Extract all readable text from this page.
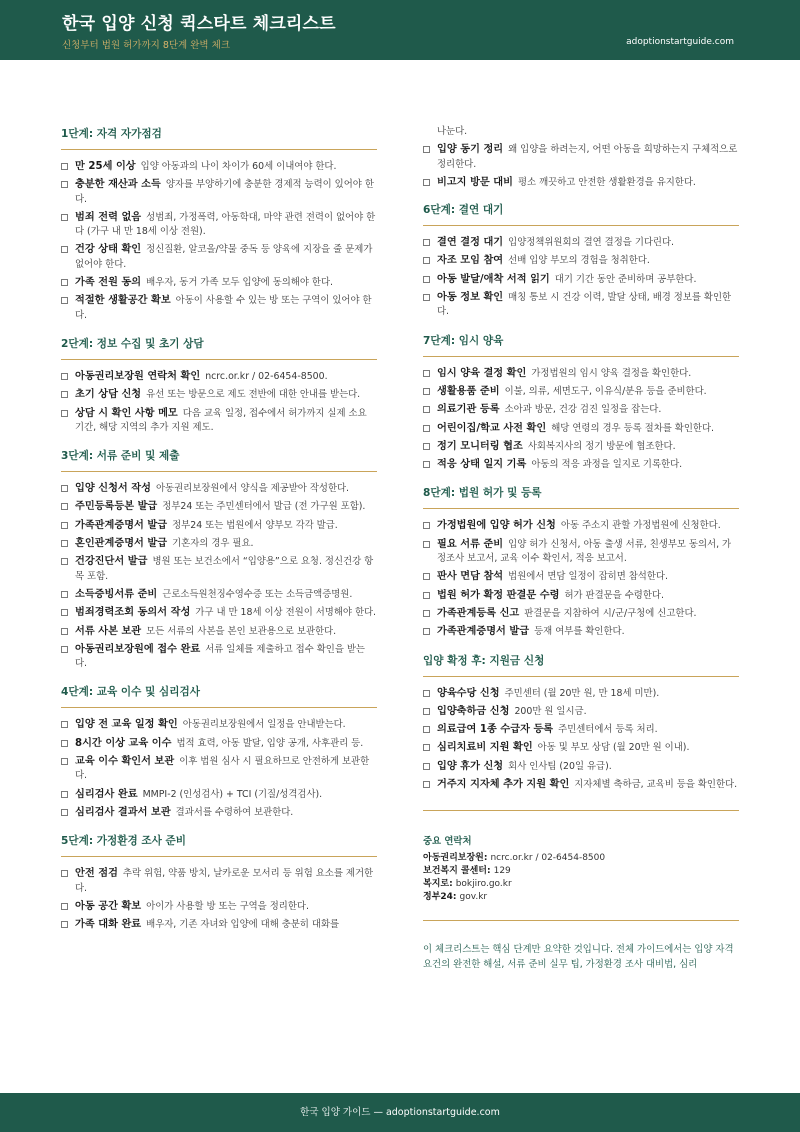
한국 입양 신청 퀵스타트 체크리스트
신청부터 법원 허가까지 8단계 완벽 체크	adoptionstartguide.com
1단계: 자격 자가점검
만 25세 이상 입양 아동과의 나이 차이가 60세 이내여야 한다.
충분한 재산과 소득 양자를 부양하기에 충분한 경제적 능력이 있어야 한다.
범죄 전력 없음 성범죄, 가정폭력, 아동학대, 마약 관련 전력이 없어야 한다 (가구 내 만 18세 이상 전원).
건강 상태 확인 정신질환, 알코올/약물 중독 등 양육에 지장을 줄 문제가 없어야 한다.
가족 전원 동의 배우자, 동거 가족 모두 입양에 동의해야 한다.
적절한 생활공간 확보 아동이 사용할 수 있는 방 또는 구역이 있어야 한다.
2단계: 정보 수집 및 초기 상담
아동권리보장원 연락처 확인 ncrc.or.kr / 02-6454-8500.
초기 상담 신청 유선 또는 방문으로 제도 전반에 대한 안내를 받는다.
상담 시 확인 사항 메모 다음 교육 일정, 접수에서 허가까지 실제 소요 기간, 해당 지역의 추가 지원 제도.
3단계: 서류 준비 및 제출
입양 신청서 작성 아동권리보장원에서 양식을 제공받아 작성한다.
주민등록등본 발급 정부24 또는 주민센터에서 발급 (전 가구원 포함).
가족관계증명서 발급 정부24 또는 법원에서 양부모 각각 발급.
혼인관계증명서 발급 기혼자의 경우 필요.
건강진단서 발급 병원 또는 보건소에서 “입양용”으로 요청. 정신건강 항목 포함.
소득증빙서류 준비 근로소득원천징수영수증 또는 소득금액증명원.
범죄경력조회 동의서 작성 가구 내 만 18세 이상 전원이 서명해야 한다.
서류 사본 보관 모든 서류의 사본을 본인 보관용으로 보관한다.
아동권리보장원에 접수 완료 서류 일체를 제출하고 접수 확인을 받는다.
4단계: 교육 이수 및 심리검사
입양 전 교육 일정 확인 아동권리보장원에서 일정을 안내받는다.
8시간 이상 교육 이수 법적 효력, 아동 발달, 입양 공개, 사후관리 등.
교육 이수 확인서 보관 이후 법원 심사 시 필요하므로 안전하게 보관한다.
심리검사 완료 MMPI-2 (인성검사) + TCI (기질/성격검사).
심리검사 결과서 보관 결과서를 수령하여 보관한다.
5단계: 가정환경 조사 준비
안전 점검 추락 위험, 약품 방치, 날카로운 모서리 등 위험 요소를 제거한다.
아동 공간 확보 아이가 사용할 방 또는 구역을 정리한다.
가족 대화 완료 배우자, 기존 자녀와 입양에 대해 충분히 대화를
나눈다.
입양 동기 정리 왜 입양을 하려는지, 어떤 아동을 희망하는지 구체적으로 정리한다.
비고지 방문 대비 평소 깨끗하고 안전한 생활환경을 유지한다.
6단계: 결연 대기
결연 결정 대기 입양정책위원회의 결연 결정을 기다린다.
자조 모임 참여 선배 입양 부모의 경험을 청취한다.
아동 발달/애착 서적 읽기 대기 기간 동안 준비하며 공부한다.
아동 정보 확인 매칭 통보 시 건강 이력, 발달 상태, 배경 정보를 확인한다.
7단계: 임시 양육
임시 양육 결정 확인 가정법원의 임시 양육 결정을 확인한다.
생활용품 준비 이불, 의류, 세면도구, 이유식/분유 등을 준비한다.
의료기관 등록 소아과 방문, 건강 검진 일정을 잡는다.
어린이집/학교 사전 확인 해당 연령의 경우 등록 절차를 확인한다.
정기 모니터링 협조 사회복지사의 정기 방문에 협조한다.
적응 상태 일지 기록 아동의 적응 과정을 일지로 기록한다.
8단계: 법원 허가 및 등록
가정법원에 입양 허가 신청 아동 주소지 관할 가정법원에 신청한다.
필요 서류 준비 입양 허가 신청서, 아동 출생 서류, 친생부모 동의서, 가정조사 보고서, 교육 이수 확인서, 적응 보고서.
판사 면담 참석 법원에서 면담 일정이 잡히면 참석한다.
법원 허가 확정 판결문 수령 허가 판결문을 수령한다.
가족관계등록 신고 판결문을 지참하여 시/군/구청에 신고한다.
가족관계증명서 발급 등재 여부를 확인한다.
입양 확정 후: 지원금 신청
양육수당 신청 주민센터 (월 20만 원, 만 18세 미만).
입양축하금 신청 200만 원 일시금.
의료급여 1종 수급자 등록 주민센터에서 등록 처리.
심리치료비 지원 확인 아동 및 부모 상담 (월 20만 원 이내).
입양 휴가 신청 회사 인사팀 (20일 유급).
거주지 지자체 추가 지원 확인 지자체별 축하금, 교육비 등을 확인한다.
중요 연락처
아동권리보장원: ncrc.or.kr / 02-6454-8500
보건복지 콜센터: 129
복지로: bokjiro.go.kr
정부24: gov.kr
이 체크리스트는 핵심 단계만 요약한 것입니다. 전체 가이드에서는 입양 자격 요건의 완전한 해설, 서류 준비 실무 팁, 가정환경 조사 대비법, 심리
한국 입양 가이드 — adoptionstartguide.com
